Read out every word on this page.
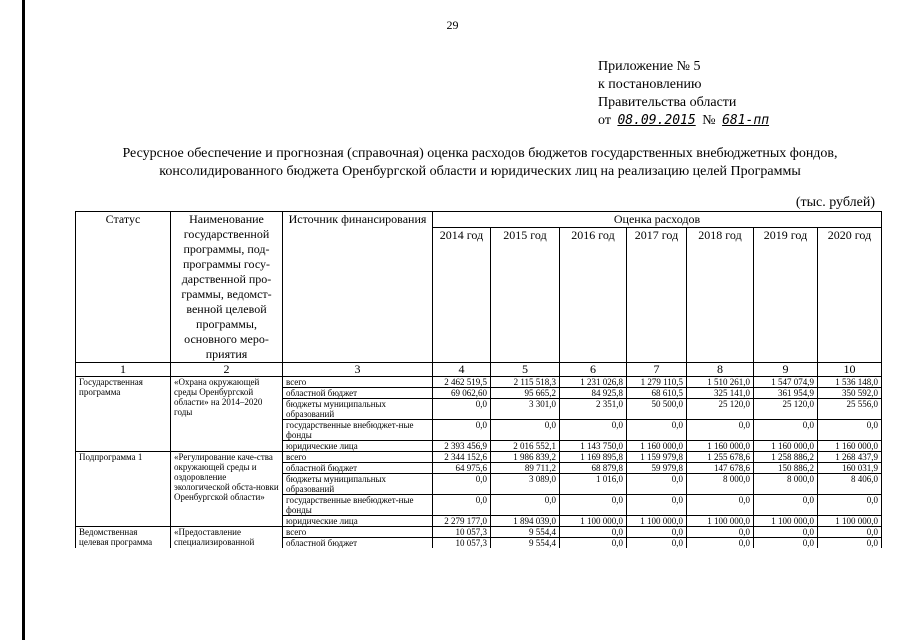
29
Приложение № 5
к постановлению
Правительства области
от 08.09.2015 № 681-пп
Ресурсное обеспечение и прогнозная (справочная) оценка расходов бюджетов государственных внебюджетных фондов,
консолидированного бюджета Оренбургской области и юридических лиц на реализацию целей Программы
(тыс. рублей)
Статус	Наименование государственной программы, под-программы госу-дарственной про-граммы, ведомст-венной целевой программы, основного меро-приятия	Источник финансирования	Оценка расходов						
			2014 год	2015 год	2016 год	2017 год	2018 год	2019 год	2020 год
1	2	3	4	5	6	7	8	9	10
Государственная программа	«Охрана окружающей среды Оренбургской области» на 2014–2020 годы	всего	2 462 519,5	2 115 518,3	1 231 026,8	1 279 110,5	1 510 261,0	1 547 074,9	1 536 148,0
		областной бюджет	69 062,60	95 665,2	84 925,8	68 610,5	325 141,0	361 954,9	350 592,0
		бюджеты муниципальных образований	0,0	3 301,0	2 351,0	50 500,0	25 120,0	25 120,0	25 556,0
		государственные внебюджет-ные фонды	0,0	0,0	0,0	0,0	0,0	0,0	0,0
		юридические лица	2 393 456,9	2 016 552,1	1 143 750,0	1 160 000,0	1 160 000,0	1 160 000,0	1 160 000,0
Подпрограмма 1	«Регулирование каче-ства окружающей среды и оздоровление экологической обста-новки Оренбургской области»	всего	2 344 152,6	1 986 839,2	1 169 895,8	1 159 979,8	1 255 678,6	1 258 886,2	1 268 437,9
		областной бюджет	64 975,6	89 711,2	68 879,8	59 979,8	147 678,6	150 886,2	160 031,9
		бюджеты муниципальных образований	0,0	3 089,0	1 016,0	0,0	8 000,0	8 000,0	8 406,0
		государственные внебюджет-ные фонды	0,0	0,0	0,0	0,0	0,0	0,0	0,0
		юридические лица	2 279 177,0	1 894 039,0	1 100 000,0	1 100 000,0	1 100 000,0	1 100 000,0	1 100 000,0
Ведомственная целевая программа	«Предоставление специализированной	всего	10 057,3	9 554,4	0,0	0,0	0,0	0,0	0,0
		областной бюджет	10 057,3	9 554,4	0,0	0,0	0,0	0,0	0,0
